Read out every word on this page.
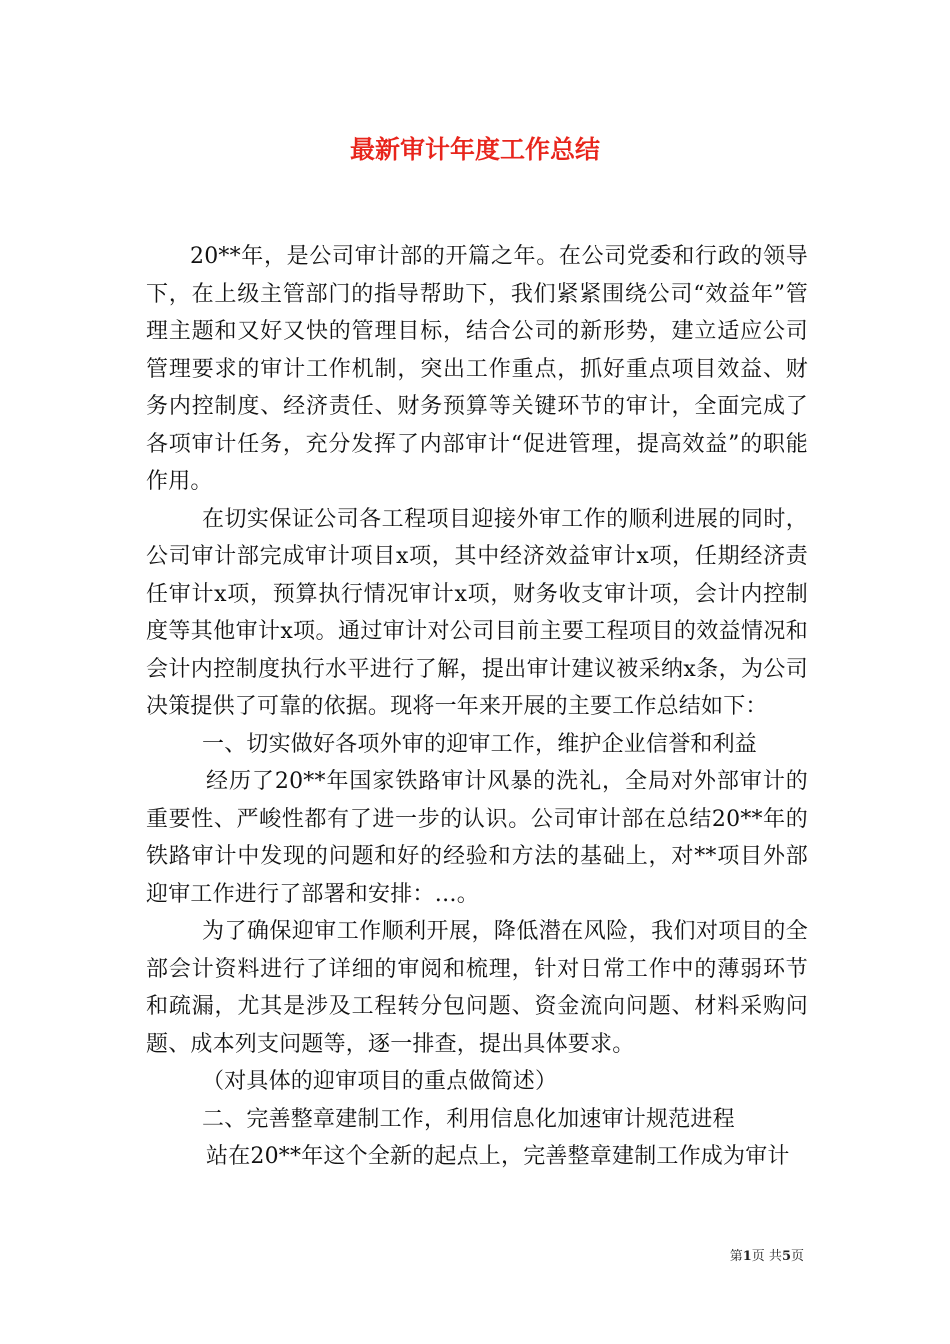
最新审计年度工作总结

20**年，是公司审计部的开篇之年。在公司党委和行政的领导下，在上级主管部门的指导帮助下，我们紧紧围绕公司“效益年”管理主题和又好又快的管理目标，结合公司的新形势，建立适应公司管理要求的审计工作机制，突出工作重点，抓好重点项目效益、财务内控制度、经济责任、财务预算等关键环节的审计，全面完成了各项审计任务，充分发挥了内部审计“促进管理，提高效益”的职能作用。

在切实保证公司各工程项目迎接外审工作的顺利进展的同时，公司审计部完成审计项目x项，其中经济效益审计x项，任期经济责任审计x项，预算执行情况审计x项，财务收支审计项，会计内控制度等其他审计x项。通过审计对公司目前主要工程项目的效益情况和会计内控制度执行水平进行了解，提出审计建议被采纳x条，为公司决策提供了可靠的依据。现将一年来开展的主要工作总结如下：

一、切实做好各项外审的迎审工作，维护企业信誉和利益

经历了20**年国家铁路审计风暴的洗礼，全局对外部审计的重要性、严峻性都有了进一步的认识。公司审计部在总结20**年的铁路审计中发现的问题和好的经验和方法的基础上，对**项目外部迎审工作进行了部署和安排：…。

为了确保迎审工作顺利开展，降低潜在风险，我们对项目的全部会计资料进行了详细的审阅和梳理，针对日常工作中的薄弱环节和疏漏，尤其是涉及工程转分包问题、资金流向问题、材料采购问题、成本列支问题等，逐一排查，提出具体要求。

（对具体的迎审项目的重点做简述）

二、完善整章建制工作，利用信息化加速审计规范进程

站在20**年这个全新的起点上，完善整章建制工作成为审计

第1页 共5页
